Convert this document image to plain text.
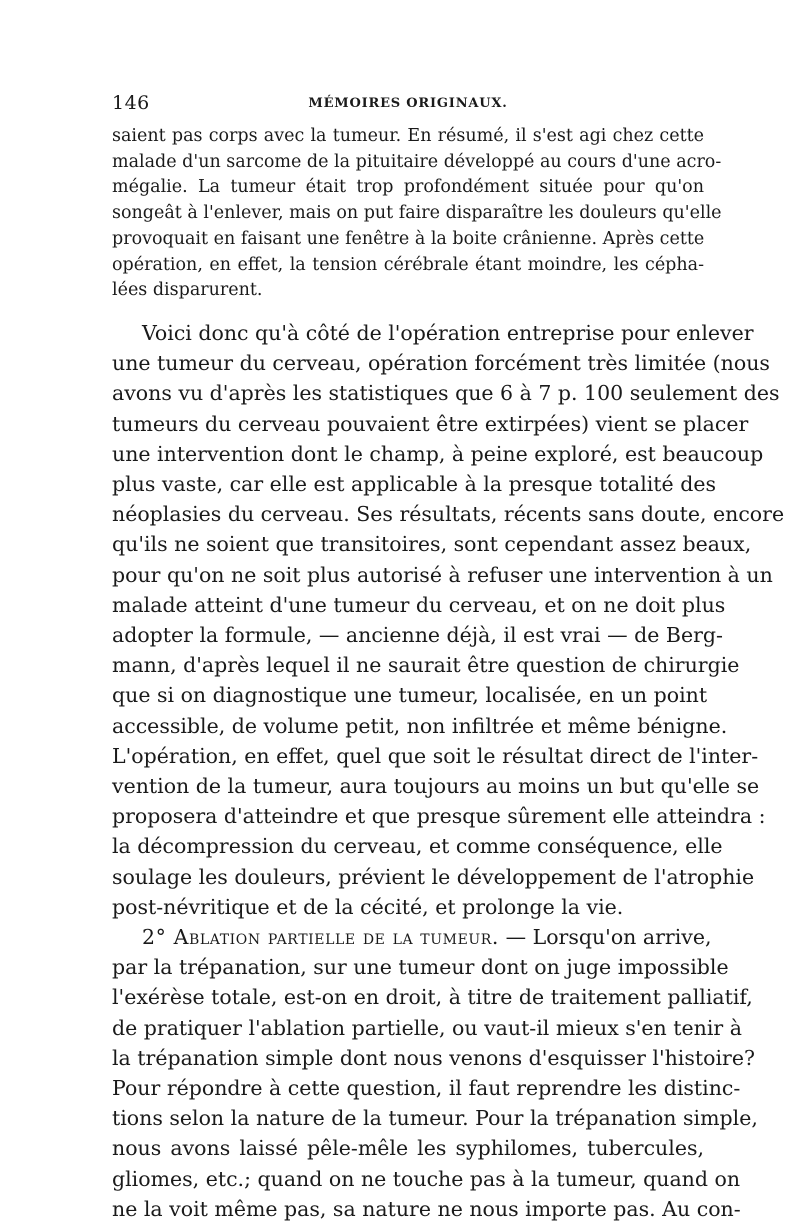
146	MÉMOIRES ORIGINAUX.
saient pas corps avec la tumeur. En résumé, il s'est agi chez cette
malade d'un sarcome de la pituitaire développé au cours d'une acro-
mégalie. La tumeur était trop profondément située pour qu'on
songeât à l'enlever, mais on put faire disparaître les douleurs qu'elle
provoquait en faisant une fenêtre à la boite crânienne. Après cette
opération, en effet, la tension cérébrale étant moindre, les cépha-
lées disparurent.
Voici donc qu'à côté de l'opération entreprise pour enlever
une tumeur du cerveau, opération forcément très limitée (nous
avons vu d'après les statistiques que 6 à 7 p. 100 seulement des
tumeurs du cerveau pouvaient être extirpées) vient se placer
une intervention dont le champ, à peine exploré, est beaucoup
plus vaste, car elle est applicable à la presque totalité des
néoplasies du cerveau. Ses résultats, récents sans doute, encore
qu'ils ne soient que transitoires, sont cependant assez beaux,
pour qu'on ne soit plus autorisé à refuser une intervention à un
malade atteint d'une tumeur du cerveau, et on ne doit plus
adopter la formule, — ancienne déjà, il est vrai — de Berg-
mann, d'après lequel il ne saurait être question de chirurgie
que si on diagnostique une tumeur, localisée, en un point
accessible, de volume petit, non infiltrée et même bénigne.
L'opération, en effet, quel que soit le résultat direct de l'inter-
vention de la tumeur, aura toujours au moins un but qu'elle se
proposera d'atteindre et que presque sûrement elle atteindra :
la décompression du cerveau, et comme conséquence, elle
soulage les douleurs, prévient le développement de l'atrophie
post-névritique et de la cécité, et prolonge la vie.
2° Ablation partielle de la tumeur. — Lorsqu'on arrive,
par la trépanation, sur une tumeur dont on juge impossible
l'exérèse totale, est-on en droit, à titre de traitement palliatif,
de pratiquer l'ablation partielle, ou vaut-il mieux s'en tenir à
la trépanation simple dont nous venons d'esquisser l'histoire?
Pour répondre à cette question, il faut reprendre les distinc-
tions selon la nature de la tumeur. Pour la trépanation simple,
nous avons laissé pêle-mêle les syphilomes, tubercules,
gliomes, etc.; quand on ne touche pas à la tumeur, quand on
ne la voit même pas, sa nature ne nous importe pas. Au con-
